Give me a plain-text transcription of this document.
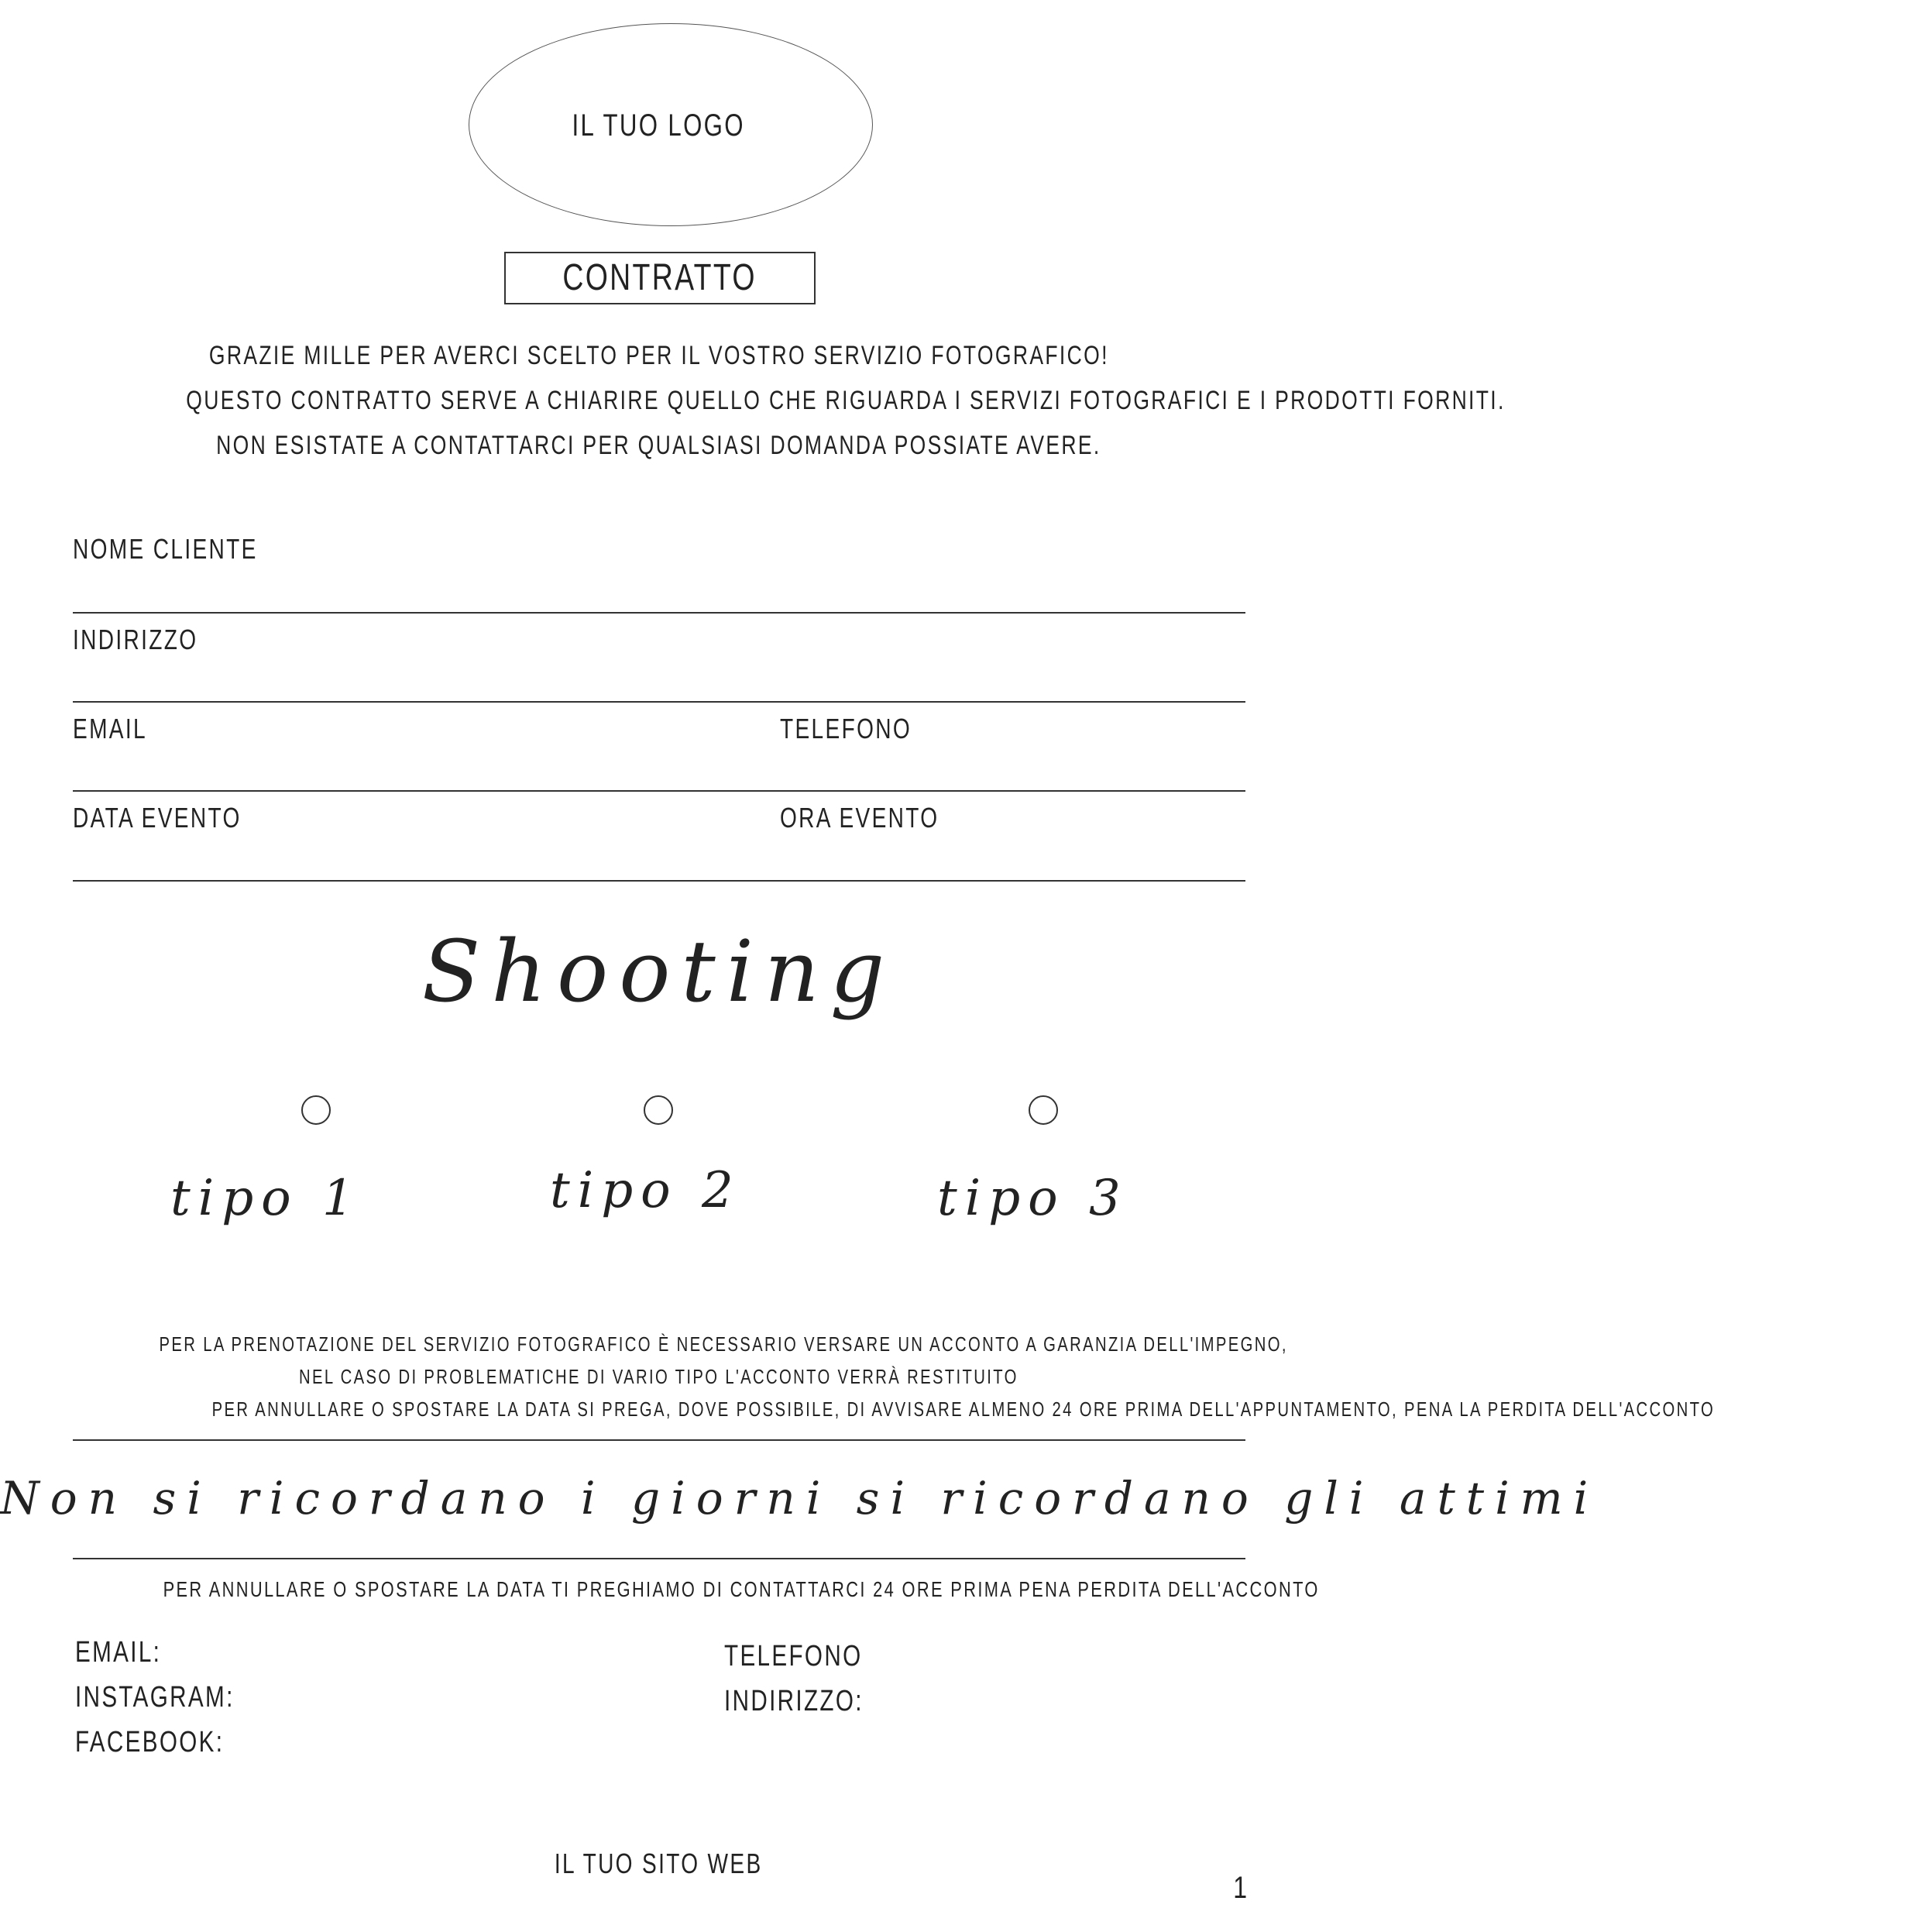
IL TUO LOGO
CONTRATTO
GRAZIE MILLE PER AVERCI SCELTO PER IL VOSTRO SERVIZIO FOTOGRAFICO!
QUESTO CONTRATTO SERVE A CHIARIRE QUELLO CHE RIGUARDA I SERVIZI FOTOGRAFICI E I PRODOTTI FORNITI.
NON ESISTATE A CONTATTARCI PER QUALSIASI DOMANDA POSSIATE AVERE.
NOME CLIENTE
INDIRIZZO
EMAIL	TELEFONO
DATA EVENTO	ORA EVENTO
Shooting
tipo 1	tipo 2	tipo 3
PER LA PRENOTAZIONE DEL SERVIZIO FOTOGRAFICO È NECESSARIO VERSARE UN ACCONTO A GARANZIA DELL'IMPEGNO,
NEL CASO DI PROBLEMATICHE DI VARIO TIPO L'ACCONTO VERRÀ RESTITUITO
PER ANNULLARE O SPOSTARE LA DATA SI PREGA, DOVE POSSIBILE, DI AVVISARE ALMENO 24 ORE PRIMA DELL'APPUNTAMENTO, PENA LA PERDITA DELL'ACCONTO
Non si ricordano i giorni si ricordano gli attimi
PER ANNULLARE O SPOSTARE LA DATA TI PREGHIAMO DI CONTATTARCI 24 ORE PRIMA PENA PERDITA DELL'ACCONTO
EMAIL:
INSTAGRAM:
FACEBOOK:
TELEFONO
INDIRIZZO:
IL TUO SITO WEB
1
